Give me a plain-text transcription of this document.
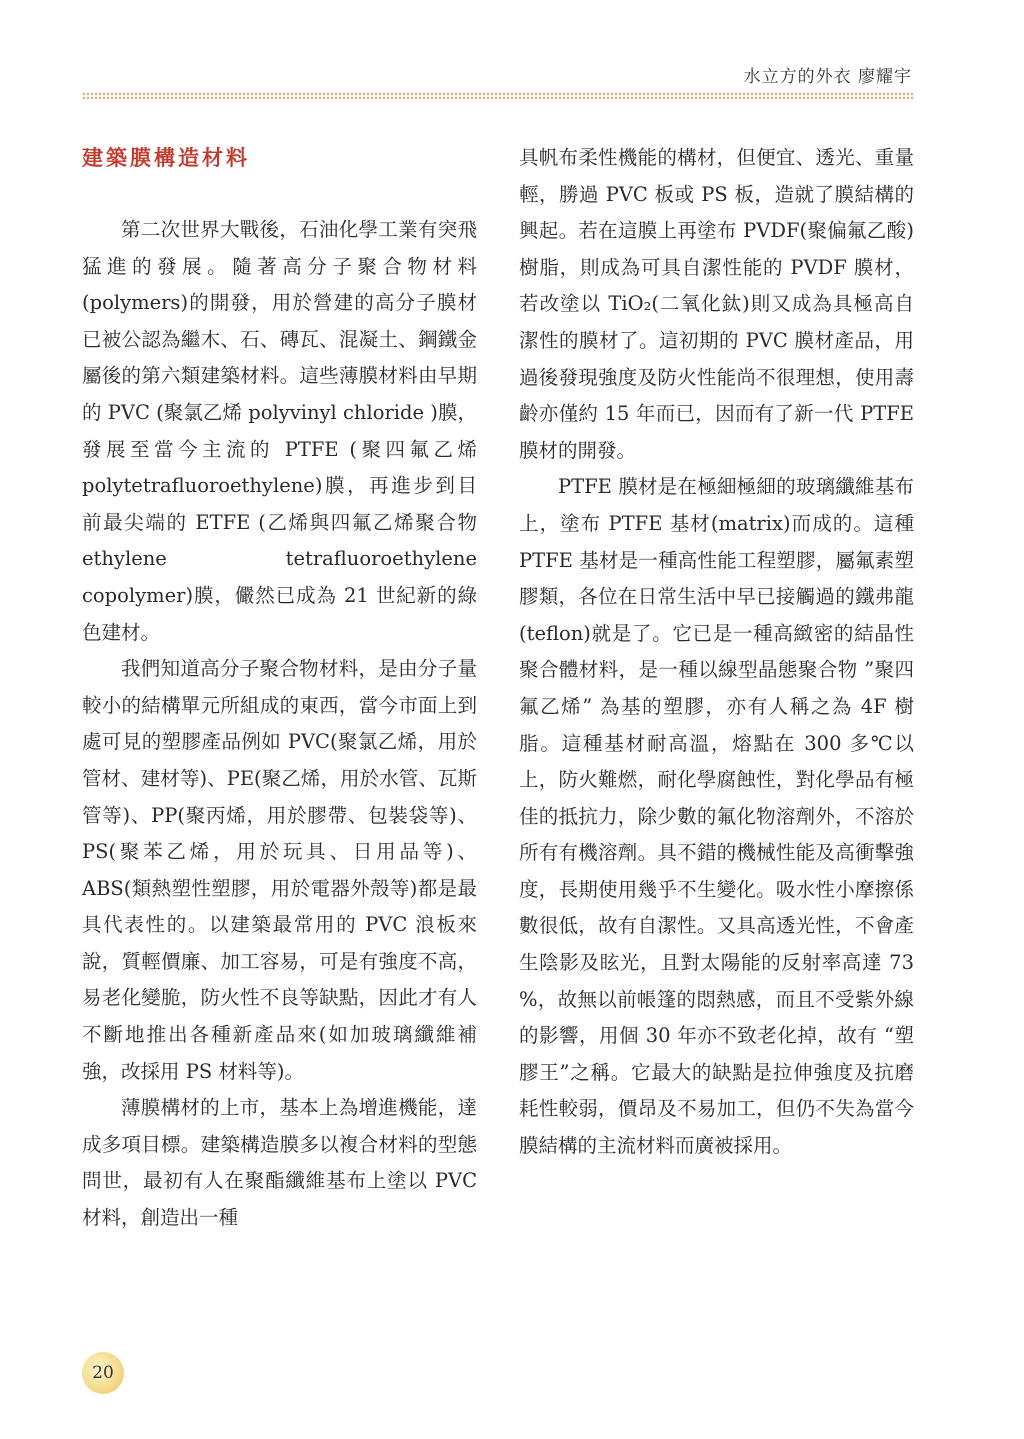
水立方的外衣 廖耀宇
建築膜構造材料

第二次世界大戰後，石油化學工業有突飛猛進的發展。隨著高分子聚合物材料(polymers)的開發，用於營建的高分子膜材已被公認為繼木、石、磚瓦、混凝土、鋼鐵金屬後的第六類建築材料。這些薄膜材料由早期的 PVC (聚氯乙烯 polyvinyl chloride )膜，發展至當今主流的 PTFE (聚四氟乙烯 polytetrafluoroethylene)膜，再進步到目前最尖端的 ETFE (乙烯與四氟乙烯聚合物 ethylene tetrafluoroethylene copolymer)膜，儼然已成為 21 世紀新的綠色建材。

我們知道高分子聚合物材料，是由分子量較小的結構單元所組成的東西，當今市面上到處可見的塑膠產品例如 PVC(聚氯乙烯，用於管材、建材等)、PE(聚乙烯，用於水管、瓦斯管等)、PP(聚丙烯，用於膠帶、包裝袋等)、PS(聚苯乙烯，用於玩具、日用品等)、ABS(類熱塑性塑膠，用於電器外殼等)都是最具代表性的。以建築最常用的 PVC 浪板來說，質輕價廉、加工容易，可是有強度不高，易老化變脆，防火性不良等缺點，因此才有人不斷地推出各種新產品來(如加玻璃纖維補強，改採用 PS 材料等)。

薄膜構材的上市，基本上為增進機能，達成多項目標。建築構造膜多以複合材料的型態問世，最初有人在聚酯纖維基布上塗以 PVC 材料，創造出一種

具帆布柔性機能的構材，但便宜、透光、重量輕，勝過 PVC 板或 PS 板，造就了膜結構的興起。若在這膜上再塗布 PVDF(聚偏氟乙酸)樹脂，則成為可具自潔性能的 PVDF 膜材，若改塗以 TiO₂(二氧化鈦)則又成為具極高自潔性的膜材了。這初期的 PVC 膜材產品，用過後發現強度及防火性能尚不很理想，使用壽齡亦僅約 15 年而已，因而有了新一代 PTFE 膜材的開發。

PTFE 膜材是在極細極細的玻璃纖維基布上，塗布 PTFE 基材(matrix)而成的。這種 PTFE 基材是一種高性能工程塑膠，屬氟素塑膠類，各位在日常生活中早已接觸過的鐵弗龍(teflon)就是了。它已是一種高緻密的結晶性聚合體材料，是一種以線型晶態聚合物 ”聚四氟乙烯” 為基的塑膠，亦有人稱之為 4F 樹脂。這種基材耐高溫，熔點在 300 多℃以上，防火難燃，耐化學腐蝕性，對化學品有極佳的抵抗力，除少數的氟化物溶劑外，不溶於所有有機溶劑。具不錯的機械性能及高衝擊強度，長期使用幾乎不生變化。吸水性小摩擦係數很低，故有自潔性。又具高透光性，不會產生陰影及眩光，且對太陽能的反射率高達 73 %，故無以前帳篷的悶熱感，而且不受紫外線的影響，用個 30 年亦不致老化掉，故有 “塑膠王”之稱。它最大的缺點是拉伸強度及抗磨耗性較弱，價昂及不易加工，但仍不失為當今膜結構的主流材料而廣被採用。

20
